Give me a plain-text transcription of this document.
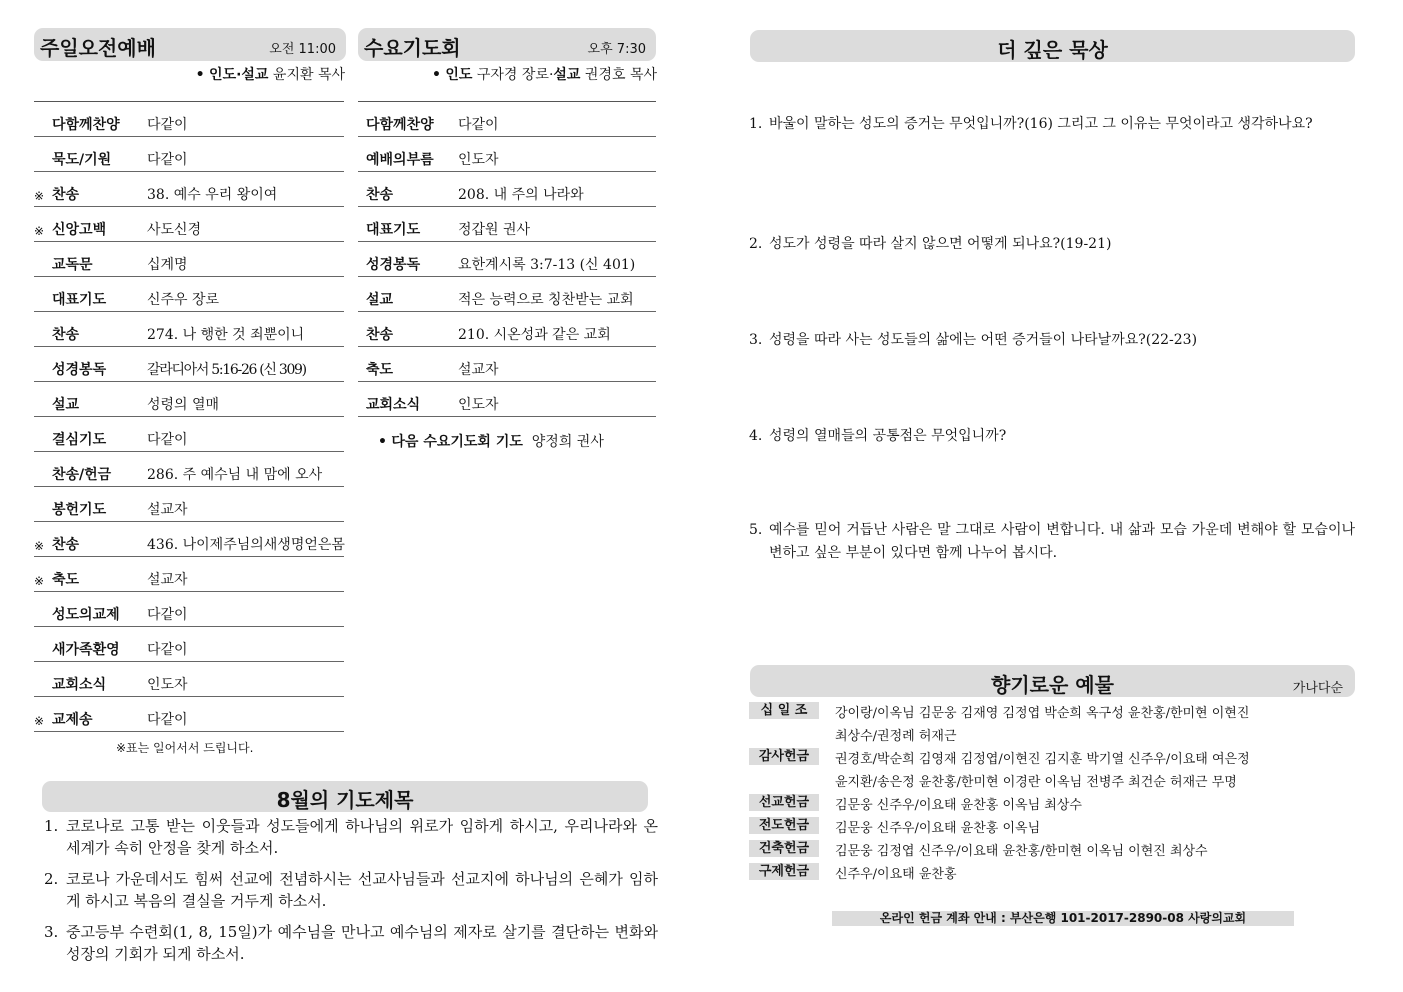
주일오전예배	오전 11:00
• 인도·설교 윤지환 목사
다함께찬양	다같이
묵도/기원	다같이
※ 찬송	38. 예수 우리 왕이여
※ 신앙고백	사도신경
교독문	십계명
대표기도	신주우 장로
찬송	274. 나 행한 것 죄뿐이니
성경봉독	갈라디아서 5:16-26 (신 309)
설교	성령의 열매
결심기도	다같이
찬송/헌금	286. 주 예수님 내 맘에 오사
봉헌기도	설교자
※ 찬송	436. 나이제주님의새생명얻은몸
※ 축도	설교자
성도의교제	다같이
새가족환영	다같이
교회소식	인도자
※ 교제송	다같이
※표는 일어서서 드립니다.
수요기도회	오후 7:30
• 인도 구자경 장로·설교 권경호 목사
다함께찬양	다같이
예배의부름	인도자
찬송	208. 내 주의 나라와
대표기도	정갑원 권사
성경봉독	요한계시록 3:7-13 (신 401)
설교	적은 능력으로 칭찬받는 교회
찬송	210. 시온성과 같은 교회
축도	설교자
교회소식	인도자
• 다음 수요기도회 기도 양정희 권사
8월의 기도제목
1. 코로나로 고통 받는 이웃들과 성도들에게 하나님의 위로가 임하게 하시고, 우리나라와 온 세계가 속히 안정을 찾게 하소서.
2. 코로나 가운데서도 힘써 선교에 전념하시는 선교사님들과 선교지에 하나님의 은혜가 임하게 하시고 복음의 결실을 거두게 하소서.
3. 중고등부 수련회(1, 8, 15일)가 예수님을 만나고 예수님의 제자로 살기를 결단하는 변화와 성장의 기회가 되게 하소서.
더 깊은 묵상
1. 바울이 말하는 성도의 증거는 무엇입니까?(16) 그리고 그 이유는 무엇이라고 생각하나요?
2. 성도가 성령을 따라 살지 않으면 어떻게 되나요?(19-21)
3. 성령을 따라 사는 성도들의 삶에는 어떤 증거들이 나타날까요?(22-23)
4. 성령의 열매들의 공통점은 무엇입니까?
5. 예수를 믿어 거듭난 사람은 말 그대로 사람이 변합니다. 내 삶과 모습 가운데 변해야 할 모습이나 변하고 싶은 부분이 있다면 함께 나누어 봅시다.
향기로운 예물	가나다순
십 일 조	강이랑/이옥님 김문웅 김재영 김정엽 박순희 옥구성 윤찬홍/한미현 이현진
최상수/권정례 허재근
감사헌금	권경호/박순희 김영재 김정엽/이현진 김지훈 박기열 신주우/이요태 여은정
윤지환/송은정 윤찬홍/한미현 이경란 이옥님 전병주 최건순 허재근 무명
선교헌금	김문웅 신주우/이요태 윤찬홍 이옥님 최상수
전도헌금	김문웅 신주우/이요태 윤찬홍 이옥님
건축헌금	김문웅 김정엽 신주우/이요태 윤찬홍/한미현 이옥님 이현진 최상수
구제헌금	신주우/이요태 윤찬홍
온라인 헌금 계좌 안내 : 부산은행 101-2017-2890-08 사랑의교회
